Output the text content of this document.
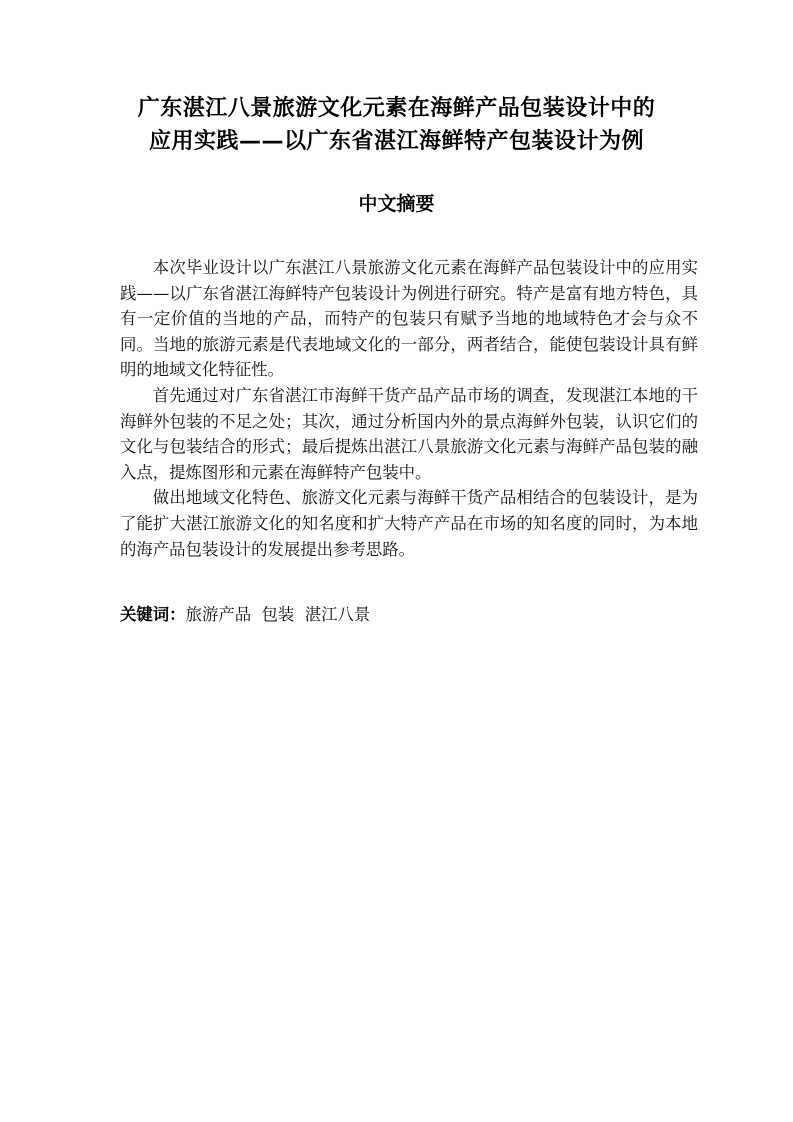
广东湛江八景旅游文化元素在海鲜产品包装设计中的
应用实践——以广东省湛江海鲜特产包装设计为例
中文摘要

本次毕业设计以广东湛江八景旅游文化元素在海鲜产品包装设计中的应用实践——以广东省湛江海鲜特产包装设计为例进行研究。特产是富有地方特色，具有一定价值的当地的产品，而特产的包装只有赋予当地的地域特色才会与众不同。当地的旅游元素是代表地域文化的一部分，两者结合，能使包装设计具有鲜明的地域文化特征性。

首先通过对广东省湛江市海鲜干货产品产品市场的调查，发现湛江本地的干海鲜外包装的不足之处；其次，通过分析国内外的景点海鲜外包装，认识它们的文化与包装结合的形式；最后提炼出湛江八景旅游文化元素与海鲜产品包装的融入点，提炼图形和元素在海鲜特产包装中。

做出地域文化特色、旅游文化元素与海鲜干货产品相结合的包装设计，是为了能扩大湛江旅游文化的知名度和扩大特产产品在市场的知名度的同时，为本地的海产品包装设计的发展提出参考思路。

关键词：旅游产品  包装  湛江八景
